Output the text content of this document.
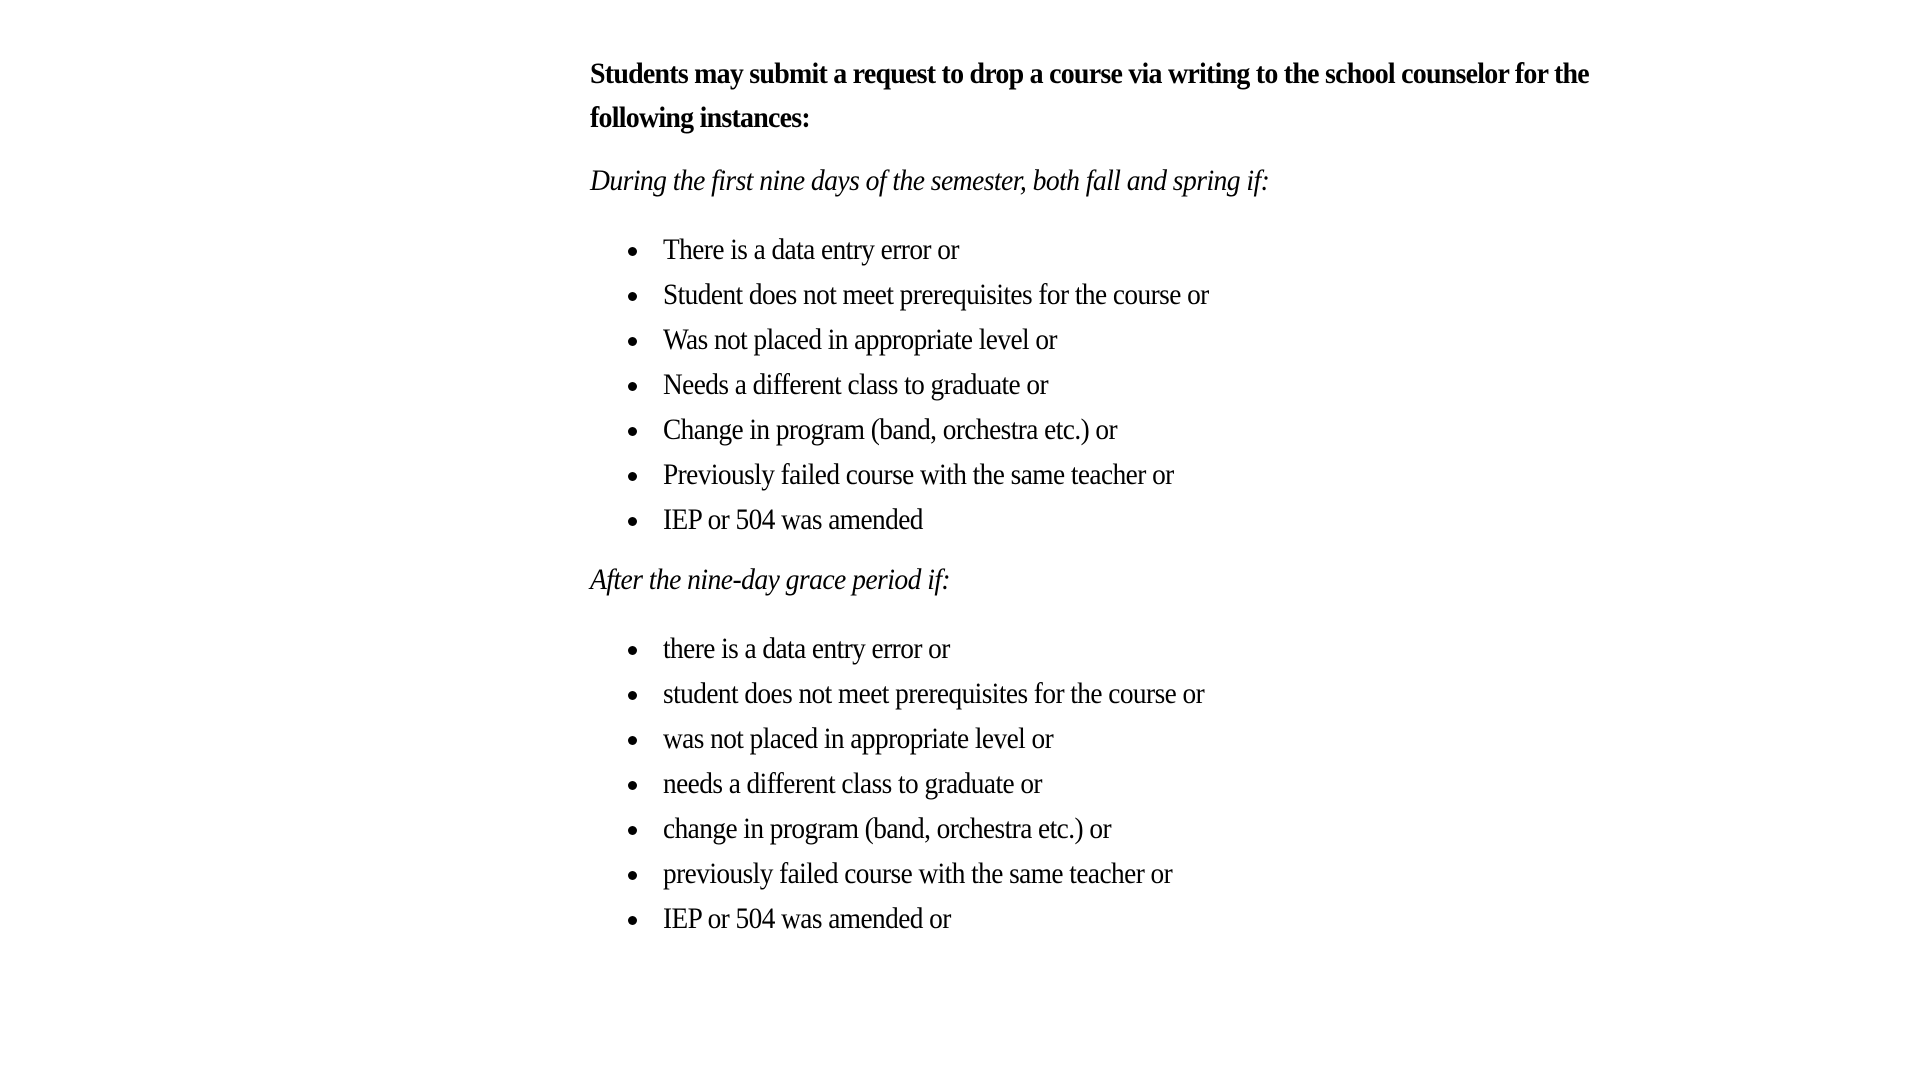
Students may submit a request to drop a course via writing to the school counselor for the following instances:

During the first nine days of the semester, both fall and spring if:

There is a data entry error or
Student does not meet prerequisites for the course or
Was not placed in appropriate level or
Needs a different class to graduate or
Change in program (band, orchestra etc.) or
Previously failed course with the same teacher or
IEP or 504 was amended

After the nine-day grace period if:

there is a data entry error or
student does not meet prerequisites for the course or
was not placed in appropriate level or
needs a different class to graduate or
change in program (band, orchestra etc.) or
previously failed course with the same teacher or
IEP or 504 was amended or
